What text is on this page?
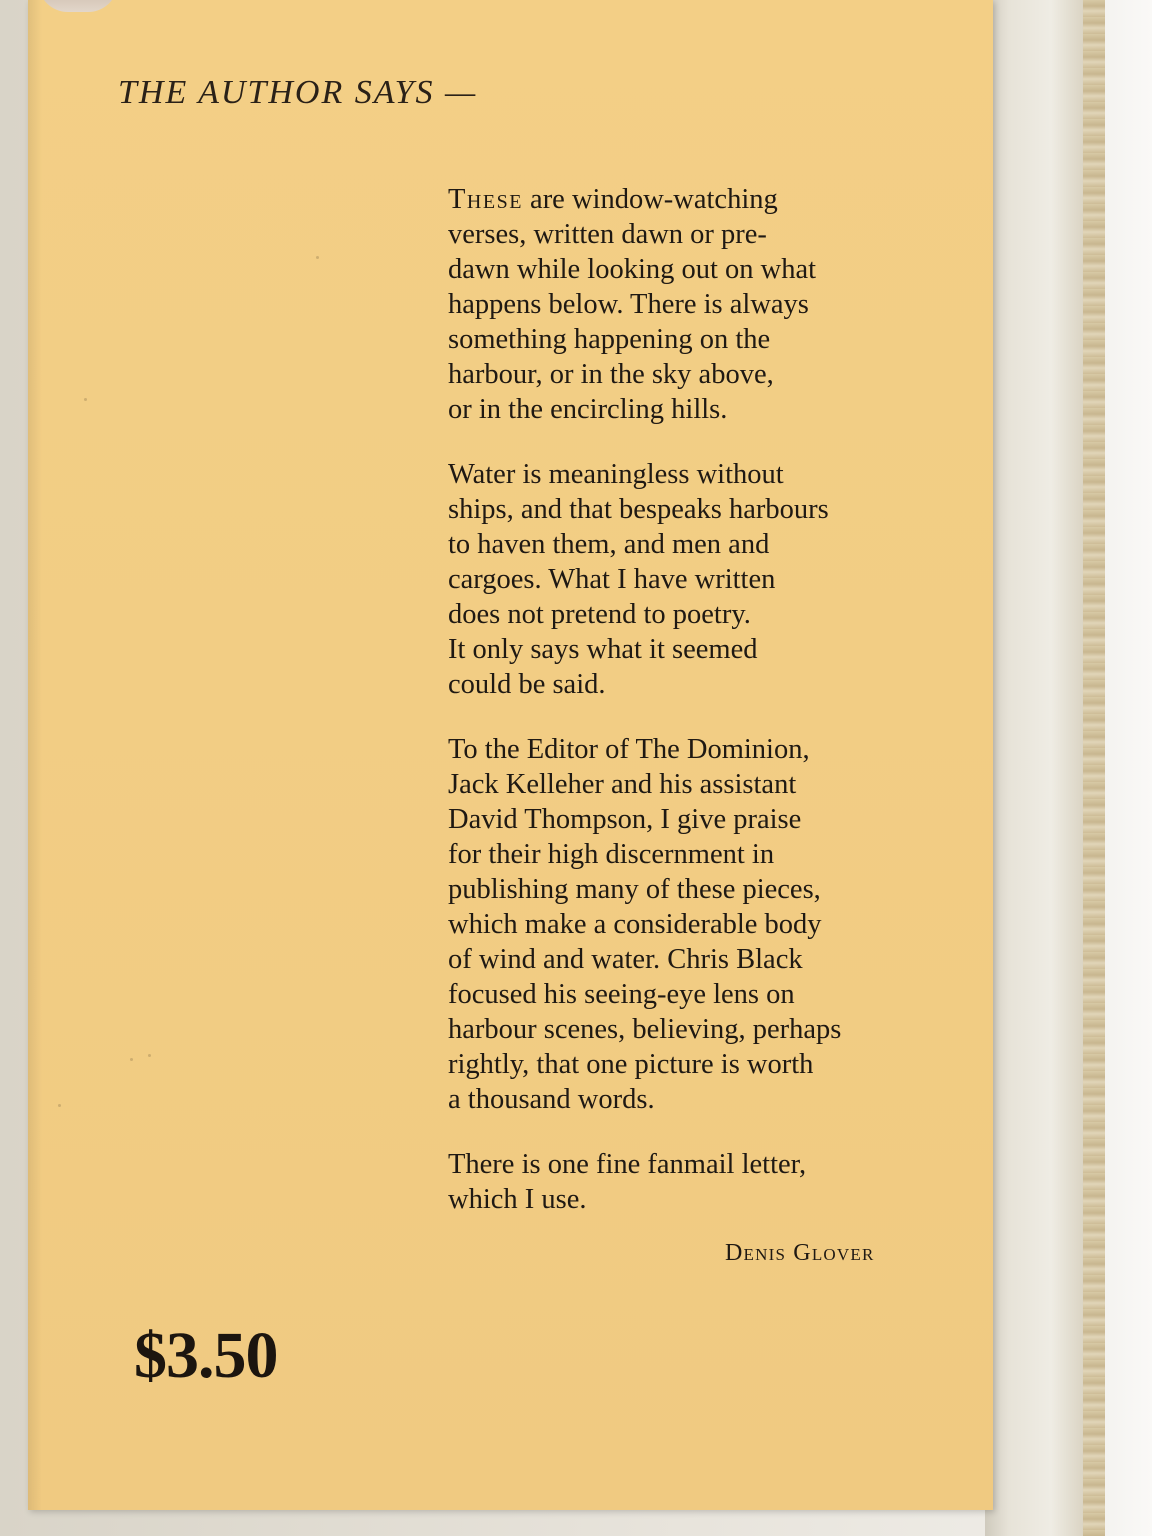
THE AUTHOR SAYS —

These are window-watching
verses, written dawn or pre-
dawn while looking out on what
happens below. There is always
something happening on the
harbour, or in the sky above,
or in the encircling hills.

Water is meaningless without
ships, and that bespeaks harbours
to haven them, and men and
cargoes. What I have written
does not pretend to poetry.
It only says what it seemed
could be said.

To the Editor of The Dominion,
Jack Kelleher and his assistant
David Thompson, I give praise
for their high discernment in
publishing many of these pieces,
which make a considerable body
of wind and water. Chris Black
focused his seeing-eye lens on
harbour scenes, believing, perhaps
rightly, that one picture is worth
a thousand words.

There is one fine fanmail letter,
which I use.

Denis Glover
$3.50
